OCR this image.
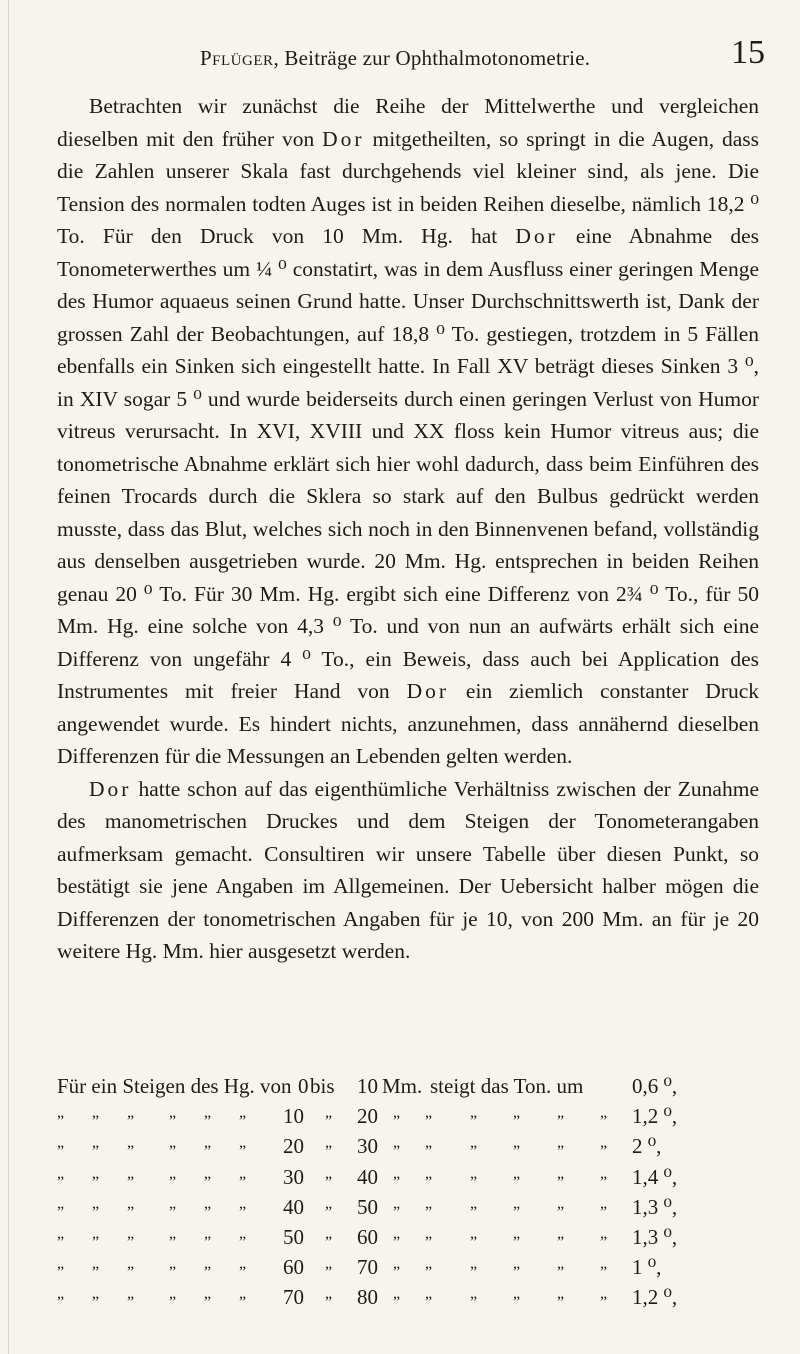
Pflüger, Beiträge zur Ophthalmotonometrie.	15

Betrachten wir zunächst die Reihe der Mittelwerthe und vergleichen dieselben mit den früher von Dor mitgetheilten, so springt in die Augen, dass die Zahlen unserer Skala fast durchgehends viel kleiner sind, als jene. Die Tension des normalen todten Auges ist in beiden Reihen dieselbe, nämlich 18,2 ⁰ To. Für den Druck von 10 Mm. Hg. hat Dor eine Abnahme des Tonometerwerthes um ¼ ⁰ constatirt, was in dem Ausfluss einer geringen Menge des Humor aquaeus seinen Grund hatte. Unser Durchschnittswerth ist, Dank der grossen Zahl der Beobachtungen, auf 18,8 ⁰ To. gestiegen, trotzdem in 5 Fällen ebenfalls ein Sinken sich eingestellt hatte. In Fall XV beträgt dieses Sinken 3 ⁰, in XIV sogar 5 ⁰ und wurde beiderseits durch einen geringen Verlust von Humor vitreus verursacht. In XVI, XVIII und XX floss kein Humor vitreus aus; die tonometrische Abnahme erklärt sich hier wohl dadurch, dass beim Einführen des feinen Trocards durch die Sklera so stark auf den Bulbus gedrückt werden musste, dass das Blut, welches sich noch in den Binnenvenen befand, vollständig aus denselben ausgetrieben wurde. 20 Mm. Hg. entsprechen in beiden Reihen genau 20 ⁰ To. Für 30 Mm. Hg. ergibt sich eine Differenz von 2¾ ⁰ To., für 50 Mm. Hg. eine solche von 4,3 ⁰ To. und von nun an aufwärts erhält sich eine Differenz von ungefähr 4 ⁰ To., ein Beweis, dass auch bei Application des Instrumentes mit freier Hand von Dor ein ziemlich constanter Druck angewendet wurde. Es hindert nichts, anzunehmen, dass annähernd dieselben Differenzen für die Messungen an Lebenden gelten werden.

Dor hatte schon auf das eigenthümliche Verhältniss zwischen der Zunahme des manometrischen Druckes und dem Steigen der Tonometerangaben aufmerksam gemacht. Consultiren wir unsere Tabelle über diesen Punkt, so bestätigt sie jene Angaben im Allgemeinen. Der Uebersicht halber mögen die Differenzen der tonometrischen Angaben für je 10, von 200 Mm. an für je 20 weitere Hg. Mm. hier ausgesetzt werden.

Für ein Steigen des Hg. von 0 bis 10 Mm. steigt das Ton. um 0,6 ⁰,
„ „ „ „ „ „ 10 „ 20 „ „ „ „ „ „ 1,2 ⁰,
„ „ „ „ „ „ 20 „ 30 „ „ „ „ „ „ 2 ⁰,
„ „ „ „ „ „ 30 „ 40 „ „ „ „ „ „ 1,4 ⁰,
„ „ „ „ „ „ 40 „ 50 „ „ „ „ „ „ 1,3 ⁰,
„ „ „ „ „ „ 50 „ 60 „ „ „ „ „ „ 1,3 ⁰,
„ „ „ „ „ „ 60 „ 70 „ „ „ „ „ „ 1 ⁰,
„ „ „ „ „ „ 70 „ 80 „ „ „ „ „ „ 1,2 ⁰,
